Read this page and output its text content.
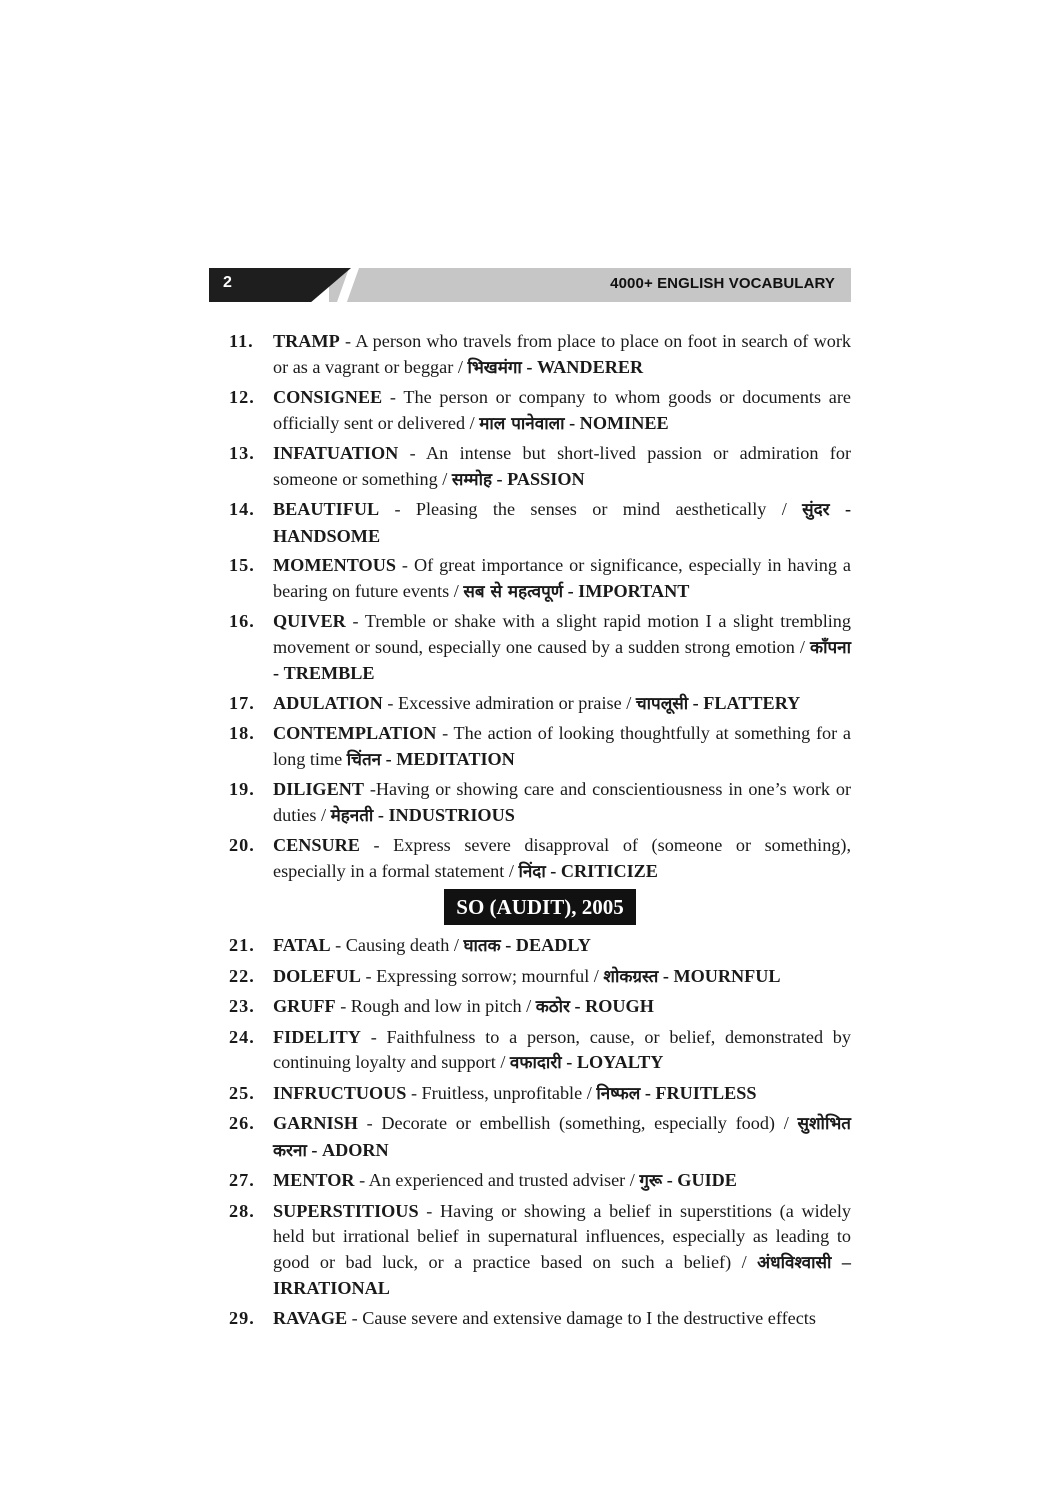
2	4000+ ENGLISH VOCABULARY
11. TRAMP - A person who travels from place to place on foot in search of work or as a vagrant or beggar / भिखमंगा - WANDERER
12. CONSIGNEE - The person or company to whom goods or documents are officially sent or delivered / माल पानेवाला - NOMINEE
13. INFATUATION - An intense but short-lived passion or admiration for someone or something / सम्मोह - PASSION
14. BEAUTIFUL - Pleasing the senses or mind aesthetically / सुंदर - HANDSOME
15. MOMENTOUS - Of great importance or significance, especially in having a bearing on future events / सब से महत्वपूर्ण - IMPORTANT
16. QUIVER - Tremble or shake with a slight rapid motion I a slight trembling movement or sound, especially one caused by a sudden strong emotion / काँपना - TREMBLE
17. ADULATION - Excessive admiration or praise / चापलूसी - FLATTERY
18. CONTEMPLATION - The action of looking thoughtfully at something for a long time चिंतन - MEDITATION
19. DILIGENT -Having or showing care and conscientiousness in one’s work or duties / मेहनती - INDUSTRIOUS
20. CENSURE - Express severe disapproval of (someone or something), especially in a formal statement / निंदा - CRITICIZE
SO (AUDIT), 2005
21. FATAL - Causing death / घातक - DEADLY
22. DOLEFUL - Expressing sorrow; mournful / शोकग्रस्त - MOURNFUL
23. GRUFF - Rough and low in pitch / कठोर - ROUGH
24. FIDELITY - Faithfulness to a person, cause, or belief, demonstrated by continuing loyalty and support / वफादारी - LOYALTY
25. INFRUCTUOUS - Fruitless, unprofitable / निष्फल - FRUITLESS
26. GARNISH - Decorate or embellish (something, especially food) / सुशोभित करना - ADORN
27. MENTOR - An experienced and trusted adviser / गुरू - GUIDE
28. SUPERSTITIOUS - Having or showing a belief in superstitions (a widely held but irrational belief in supernatural influences, especially as leading to good or bad luck, or a practice based on such a belief) / अंधविश्वासी – IRRATIONAL
29. RAVAGE - Cause severe and extensive damage to I the destructive effects
